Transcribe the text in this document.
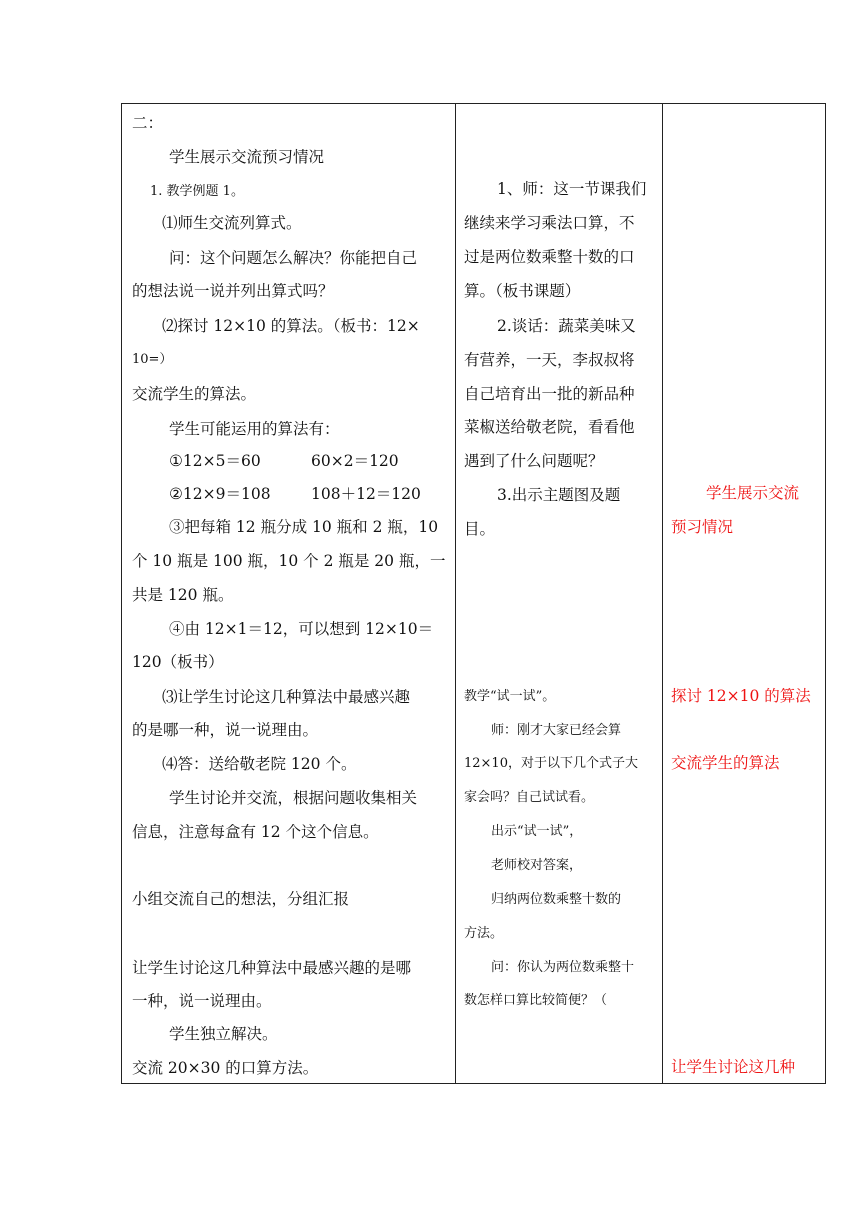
二：
学生展示交流预习情况
1. 教学例题 1。
⑴师生交流列算式。
问：这个问题怎么解决？你能把自己
的想法说一说并列出算式吗？
⑵探讨 12×10 的算法。（板书：12×
10=）
交流学生的算法。
学生可能运用的算法有：
①12×5＝60	60×2＝120
②12×9＝108	108＋12＝120
③把每箱 12 瓶分成 10 瓶和 2 瓶，10
个 10 瓶是 100 瓶，10 个 2 瓶是 20 瓶，一
共是 120 瓶。
④由 12×1＝12，可以想到 12×10＝
120（板书）
⑶让学生讨论这几种算法中最感兴趣
的是哪一种，说一说理由。
⑷答：送给敬老院 120 个。
学生讨论并交流，根据问题收集相关
信息，注意每盒有 12 个这个信息。
小组交流自己的想法，分组汇报
让学生讨论这几种算法中最感兴趣的是哪
一种，说一说理由。
学生独立解决。
交流 20×30 的口算方法。
1、师：这一节课我们
继续来学习乘法口算，不
过是两位数乘整十数的口
算。（板书课题）
2.谈话：蔬菜美味又
有营养，一天，李叔叔将
自己培育出一批的新品种
菜椒送给敬老院，看看他
遇到了什么问题呢？
3.出示主题图及题
目。
教学“试一试”。
师：刚才大家已经会算
12×10，对于以下几个式子大
家会吗？自己试试看。
出示“试一试”，
老师校对答案，
归纳两位数乘整十数的
方法。
问：你认为两位数乘整十
数怎样口算比较简便？（
学生展示交流
预习情况
探讨 12×10 的算法
交流学生的算法
让学生讨论这几种
